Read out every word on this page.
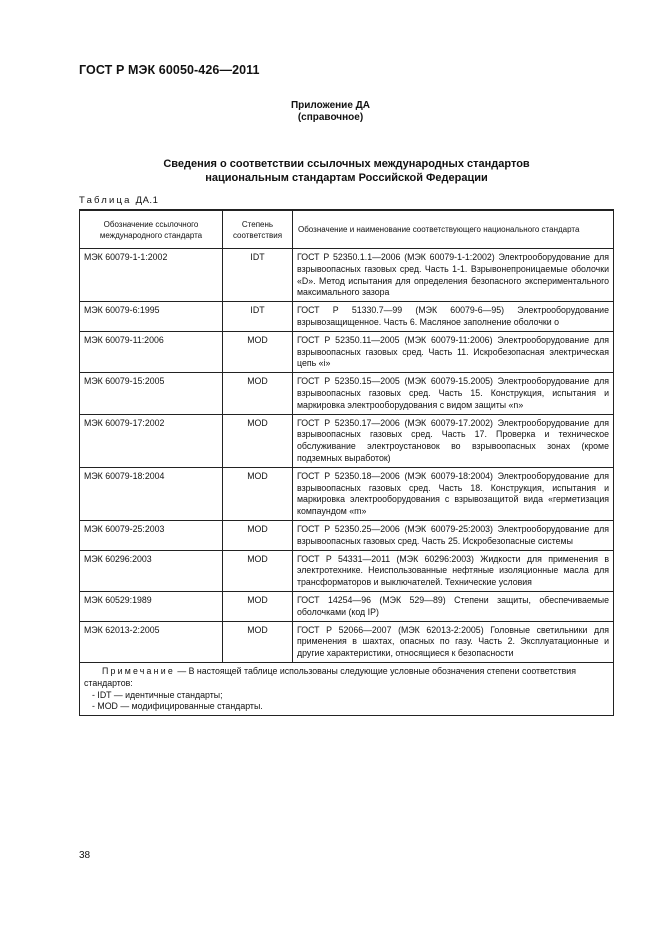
ГОСТ Р МЭК 60050-426—2011
Приложение ДА
(справочное)
Сведения о соответствии ссылочных международных стандартов
национальным стандартам Российской Федерации
Таблица ДА.1
Обозначение ссылочного международного стандарта	Степень соответствия	Обозначение и наименование соответствующего национального стандарта
МЭК 60079-1-1:2002	IDT	ГОСТ Р 52350.1.1—2006 (МЭК 60079-1-1:2002) Электрооборудование для взрывоопасных газовых сред. Часть 1-1. Взрывонепроницаемые оболочки «D». Метод испытания для определения безопасного экспериментального максимального зазора
МЭК 60079-6:1995	IDT	ГОСТ Р 51330.7—99 (МЭК 60079-6—95) Электрооборудование взрывозащищенное. Часть 6. Масляное заполнение оболочки о
МЭК 60079-11:2006	MOD	ГОСТ Р 52350.11—2005 (МЭК 60079-11:2006) Электрооборудование для взрывоопасных газовых сред. Часть 11. Искробезопасная электрическая цепь «i»
МЭК 60079-15:2005	MOD	ГОСТ Р 52350.15—2005 (МЭК 60079-15.2005) Электрооборудование для взрывоопасных газовых сред. Часть 15. Конструкция, испытания и маркировка электрооборудования с видом защиты «n»
МЭК 60079-17:2002	MOD	ГОСТ Р 52350.17—2006 (МЭК 60079-17.2002) Электрооборудование для взрывоопасных газовых сред. Часть 17. Проверка и техническое обслуживание электроустановок во взрывоопасных зонах (кроме подземных выработок)
МЭК 60079-18:2004	MOD	ГОСТ Р 52350.18—2006 (МЭК 60079-18:2004) Электрооборудование для взрывоопасных газовых сред. Часть 18. Конструкция, испытания и маркировка электрооборудования с взрывозащитой вида «герметизация компаундом «m»
МЭК 60079-25:2003	MOD	ГОСТ Р 52350.25—2006 (МЭК 60079-25:2003) Электрооборудование для взрывоопасных газовых сред. Часть 25. Искробезопасные системы
МЭК 60296:2003	MOD	ГОСТ Р 54331—2011 (МЭК 60296:2003) Жидкости для применения в электротехнике. Неиспользованные нефтяные изоляционные масла для трансформаторов и выключателей. Технические условия
МЭК 60529:1989	MOD	ГОСТ 14254—96 (МЭК 529—89) Степени защиты, обеспечиваемые оболочками (код IP)
МЭК 62013-2:2005	MOD	ГОСТ Р 52066—2007 (МЭК 62013-2:2005) Головные светильники для применения в шахтах, опасных по газу. Часть 2. Эксплуатационные и другие характеристики, относящиеся к безопасности

Примечание — В настоящей таблице использованы следующие условные обозначения степени соответствия стандартов:
- IDT — идентичные стандарты;
- MOD — модифицированные стандарты.		
38
